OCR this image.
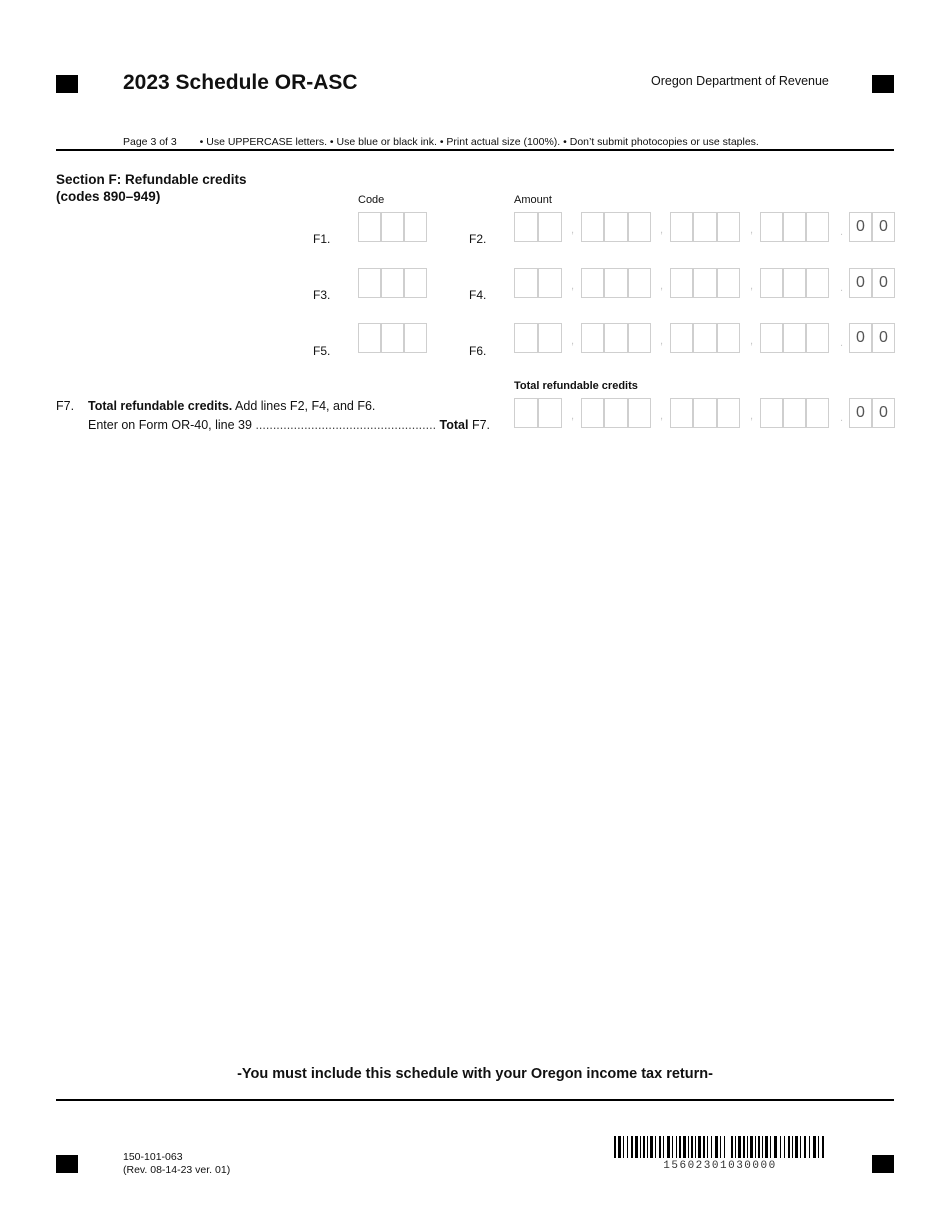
2023 Schedule OR-ASC	Oregon Department of Revenue
Page 3 of 3 • Use UPPERCASE letters. • Use blue or black ink. • Print actual size (100%). • Don’t submit photocopies or use staples.
Section F: Refundable credits
(codes 890–949)	Code	Amount
F1.	F2.
,	,	,	. 0 0
F3.	F4.
,	,	,	. 0 0
F5.	F6.
,	,	,	. 0 0
Total refundable credits
F7. Total refundable credits. Add lines F2, F4, and F6.
Enter on Form OR-40, line 39 .................................................... Total F7.
,	,	,	. 0 0
-You must include this schedule with your Oregon income tax return-
150-101-063
(Rev. 08-14-23 ver. 01)	15602301030000
